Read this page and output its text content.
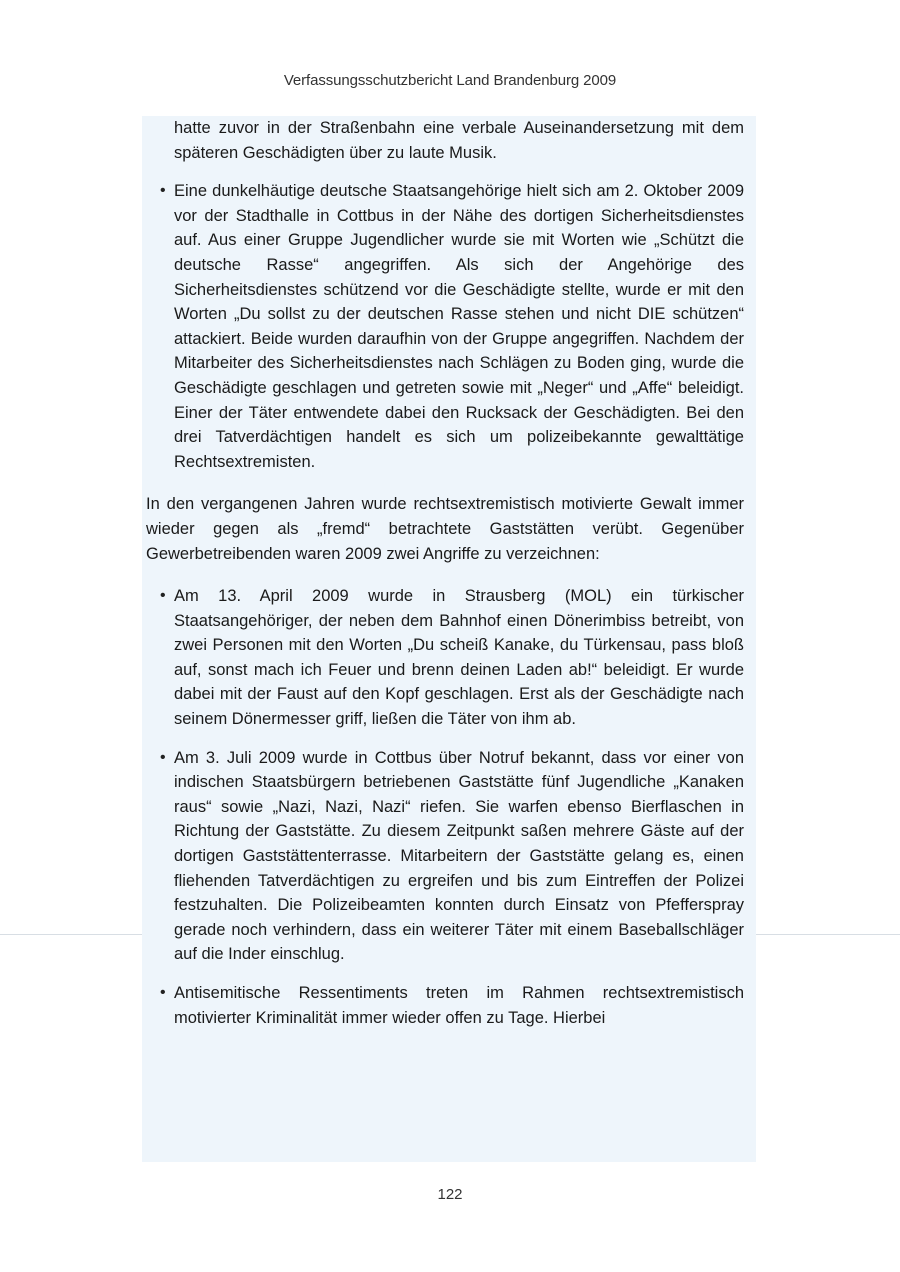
Verfassungsschutzbericht Land Brandenburg 2009
hatte zuvor in der Straßenbahn eine verbale Auseinandersetzung mit dem späteren Geschädigten über zu laute Musik.
• Eine dunkelhäutige deutsche Staatsangehörige hielt sich am 2. Oktober 2009 vor der Stadthalle in Cottbus in der Nähe des dortigen Sicherheitsdienstes auf. Aus einer Gruppe Jugendlicher wurde sie mit Worten wie „Schützt die deutsche Rasse“ angegriffen. Als sich der Angehörige des Sicherheitsdienstes schützend vor die Geschädigte stellte, wurde er mit den Worten „Du sollst zu der deutschen Rasse stehen und nicht DIE schützen“ attackiert. Beide wurden daraufhin von der Gruppe angegriffen. Nachdem der Mitarbeiter des Sicherheitsdienstes nach Schlägen zu Boden ging, wurde die Geschädigte geschlagen und getreten sowie mit „Neger“ und „Affe“ beleidigt. Einer der Täter entwendete dabei den Rucksack der Geschädigten. Bei den drei Tatverdächtigen handelt es sich um polizeibekannte gewalttätige Rechtsextremisten.
In den vergangenen Jahren wurde rechtsextremistisch motivierte Gewalt immer wieder gegen als „fremd“ betrachtete Gaststätten verübt. Gegenüber Gewerbetreibenden waren 2009 zwei Angriffe zu verzeichnen:
• Am 13. April 2009 wurde in Strausberg (MOL) ein türkischer Staatsangehöriger, der neben dem Bahnhof einen Dönerimbiss betreibt, von zwei Personen mit den Worten „Du scheiß Kanake, du Türkensau, pass bloß auf, sonst mach ich Feuer und brenn deinen Laden ab!“ beleidigt. Er wurde dabei mit der Faust auf den Kopf geschlagen. Erst als der Geschädigte nach seinem Dönermesser griff, ließen die Täter von ihm ab.
• Am 3. Juli 2009 wurde in Cottbus über Notruf bekannt, dass vor einer von indischen Staatsbürgern betriebenen Gaststätte fünf Jugendliche „Kanaken raus“ sowie „Nazi, Nazi, Nazi“ riefen. Sie warfen ebenso Bierflaschen in Richtung der Gaststätte. Zu diesem Zeitpunkt saßen mehrere Gäste auf der dortigen Gaststättenterrasse. Mitarbeitern der Gaststätte gelang es, einen fliehenden Tatverdächtigen zu ergreifen und bis zum Eintreffen der Polizei festzuhalten. Die Polizeibeamten konnten durch Einsatz von Pfefferspray gerade noch verhindern, dass ein weiterer Täter mit einem Baseballschläger auf die Inder einschlug.
• Antisemitische Ressentiments treten im Rahmen rechtsextremistisch motivierter Kriminalität immer wieder offen zu Tage. Hierbei
122
